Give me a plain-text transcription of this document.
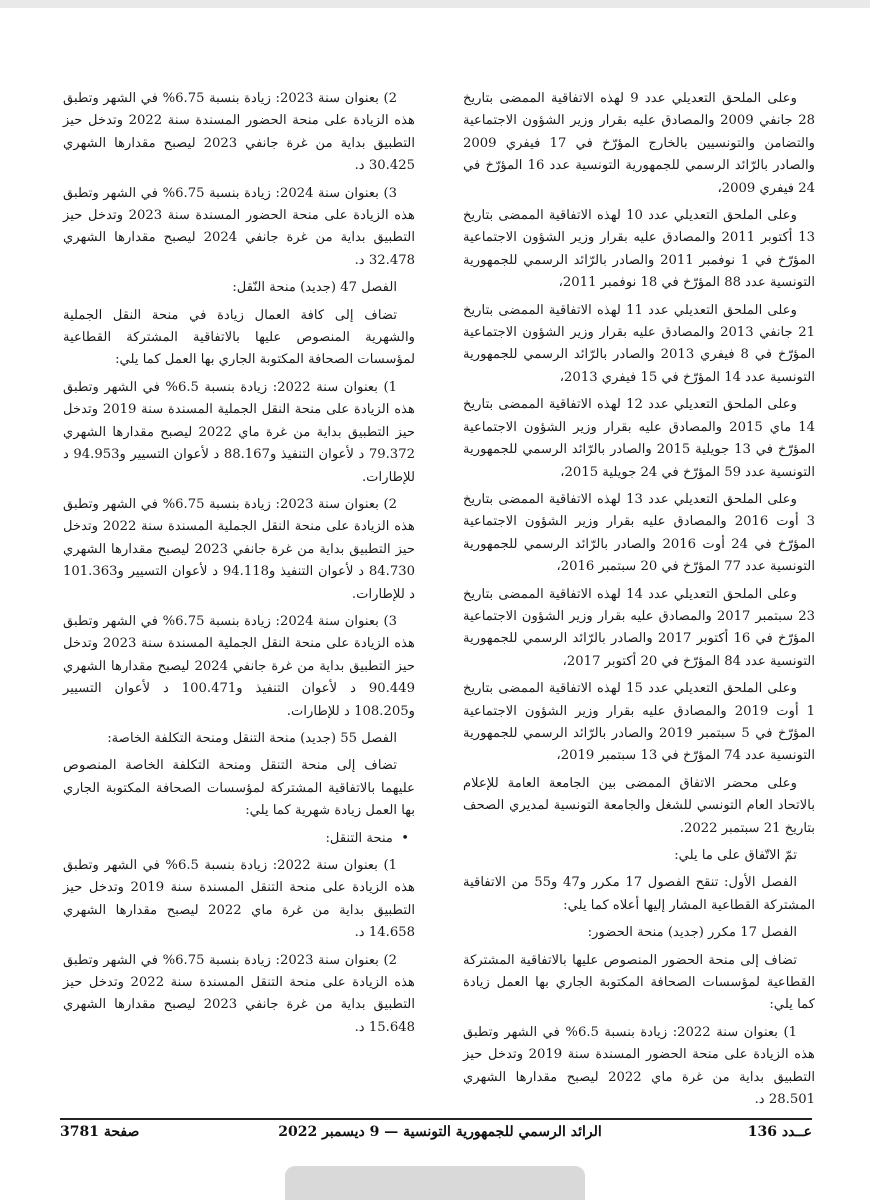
وعلى الملحق التعديلي عدد 9 لهذه الاتفاقية الممضى بتاريخ 28 جانفي 2009 والمصادق عليه بقرار وزير الشؤون الاجتماعية والتضامن والتونسيين بالخارج المؤرّخ في 17 فيفري 2009 والصادر بالرّائد الرسمي للجمهورية التونسية عدد 16 المؤرّخ في 24 فيفري 2009،

وعلى الملحق التعديلي عدد 10 لهذه الاتفاقية الممضى بتاريخ 13 أكتوبر 2011 والمصادق عليه بقرار وزير الشؤون الاجتماعية المؤرّخ في 1 نوفمبر 2011 والصادر بالرّائد الرسمي للجمهورية التونسية عدد 88 المؤرّخ في 18 نوفمبر 2011،

وعلى الملحق التعديلي عدد 11 لهذه الاتفاقية الممضى بتاريخ 21 جانفي 2013 والمصادق عليه بقرار وزير الشؤون الاجتماعية المؤرّخ في 8 فيفري 2013 والصادر بالرّائد الرسمي للجمهورية التونسية عدد 14 المؤرّخ في 15 فيفري 2013،

وعلى الملحق التعديلي عدد 12 لهذه الاتفاقية الممضى بتاريخ 14 ماي 2015 والمصادق عليه بقرار وزير الشؤون الاجتماعية المؤرّخ في 13 جويلية 2015 والصادر بالرّائد الرسمي للجمهورية التونسية عدد 59 المؤرّخ في 24 جويلية 2015،

وعلى الملحق التعديلي عدد 13 لهذه الاتفاقية الممضى بتاريخ 3 أوت 2016 والمصادق عليه بقرار وزير الشؤون الاجتماعية المؤرّخ في 24 أوت 2016 والصادر بالرّائد الرسمي للجمهورية التونسية عدد 77 المؤرّخ في 20 سبتمبر 2016،

وعلى الملحق التعديلي عدد 14 لهذه الاتفاقية الممضى بتاريخ 23 سبتمبر 2017 والمصادق عليه بقرار وزير الشؤون الاجتماعية المؤرّخ في 16 أكتوبر 2017 والصادر بالرّائد الرسمي للجمهورية التونسية عدد 84 المؤرّخ في 20 أكتوبر 2017،

وعلى الملحق التعديلي عدد 15 لهذه الاتفاقية الممضى بتاريخ 1 أوت 2019 والمصادق عليه بقرار وزير الشؤون الاجتماعية المؤرّخ في 5 سبتمبر 2019 والصادر بالرّائد الرسمي للجمهورية التونسية عدد 74 المؤرّخ في 13 سبتمبر 2019،

وعلى محضر الاتفاق الممضى بين الجامعة العامة للإعلام بالاتحاد العام التونسي للشغل والجامعة التونسية لمديري الصحف بتاريخ 21 سبتمبر 2022.

تمّ الاتّفاق على ما يلي:

الفصل الأول: تنقح الفصول 17 مكرر و47 و55 من الاتفاقية المشتركة القطاعية المشار إليها أعلاه كما يلي:

الفصل 17 مكرر (جديد) منحة الحضور:

تضاف إلى منحة الحضور المنصوص عليها بالاتفاقية المشتركة القطاعية لمؤسسات الصحافة المكتوبة الجاري بها العمل زيادة كما يلي:

1) بعنوان سنة 2022: زيادة بنسبة 6.5% في الشهر وتطبق هذه الزيادة على منحة الحضور المسندة سنة 2019 وتدخل حيز التطبيق بداية من غرة ماي 2022 ليصبح مقدارها الشهري 28.501 د.

2) بعنوان سنة 2023: زيادة بنسبة 6.75% في الشهر وتطبق هذه الزيادة على منحة الحضور المسندة سنة 2022 وتدخل حيز التطبيق بداية من غرة جانفي 2023 ليصبح مقدارها الشهري 30.425 د.

3) بعنوان سنة 2024: زيادة بنسبة 6.75% في الشهر وتطبق هذه الزيادة على منحة الحضور المسندة سنة 2023 وتدخل حيز التطبيق بداية من غرة جانفي 2024 ليصبح مقدارها الشهري 32.478 د.

الفصل 47 (جديد) منحة النّقل:

تضاف إلى كافة العمال زيادة في منحة النقل الجملية والشهرية المنصوص عليها بالاتفاقية المشتركة القطاعية لمؤسسات الصحافة المكتوبة الجاري بها العمل كما يلي:

1) بعنوان سنة 2022: زيادة بنسبة 6.5% في الشهر وتطبق هذه الزيادة على منحة النقل الجملية المسندة سنة 2019 وتدخل حيز التطبيق بداية من غرة ماي 2022 ليصبح مقدارها الشهري 79.372 د لأعوان التنفيذ و88.167 د لأعوان التسيير و94.953 د للإطارات.

2) بعنوان سنة 2023: زيادة بنسبة 6.75% في الشهر وتطبق هذه الزيادة على منحة النقل الجملية المسندة سنة 2022 وتدخل حيز التطبيق بداية من غرة جانفي 2023 ليصبح مقدارها الشهري 84.730 د لأعوان التنفيذ و94.118 د لأعوان التسيير و101.363 د للإطارات.

3) بعنوان سنة 2024: زيادة بنسبة 6.75% في الشهر وتطبق هذه الزيادة على منحة النقل الجملية المسندة سنة 2023 وتدخل حيز التطبيق بداية من غرة جانفي 2024 ليصبح مقدارها الشهري 90.449 د لأعوان التنفيذ و100.471 د لأعوان التسيير و108.205 د للإطارات.

الفصل 55 (جديد) منحة التنقل ومنحة التكلفة الخاصة:

تضاف إلى منحة التنقل ومنحة التكلفة الخاصة المنصوص عليهما بالاتفاقية المشتركة لمؤسسات الصحافة المكتوبة الجاري بها العمل زيادة شهرية كما يلي:

• منحة التنقل:

1) بعنوان سنة 2022: زيادة بنسبة 6.5% في الشهر وتطبق هذه الزيادة على منحة التنقل المسندة سنة 2019 وتدخل حيز التطبيق بداية من غرة ماي 2022 ليصبح مقدارها الشهري 14.658 د.

2) بعنوان سنة 2023: زيادة بنسبة 6.75% في الشهر وتطبق هذه الزيادة على منحة التنقل المسندة سنة 2022 وتدخل حيز التطبيق بداية من غرة جانفي 2023 ليصبح مقدارها الشهري 15.648 د.

صفحة 3781	الرائد الرسمي للجمهورية التونسية — 9 ديسمبر 2022	عــدد 136
